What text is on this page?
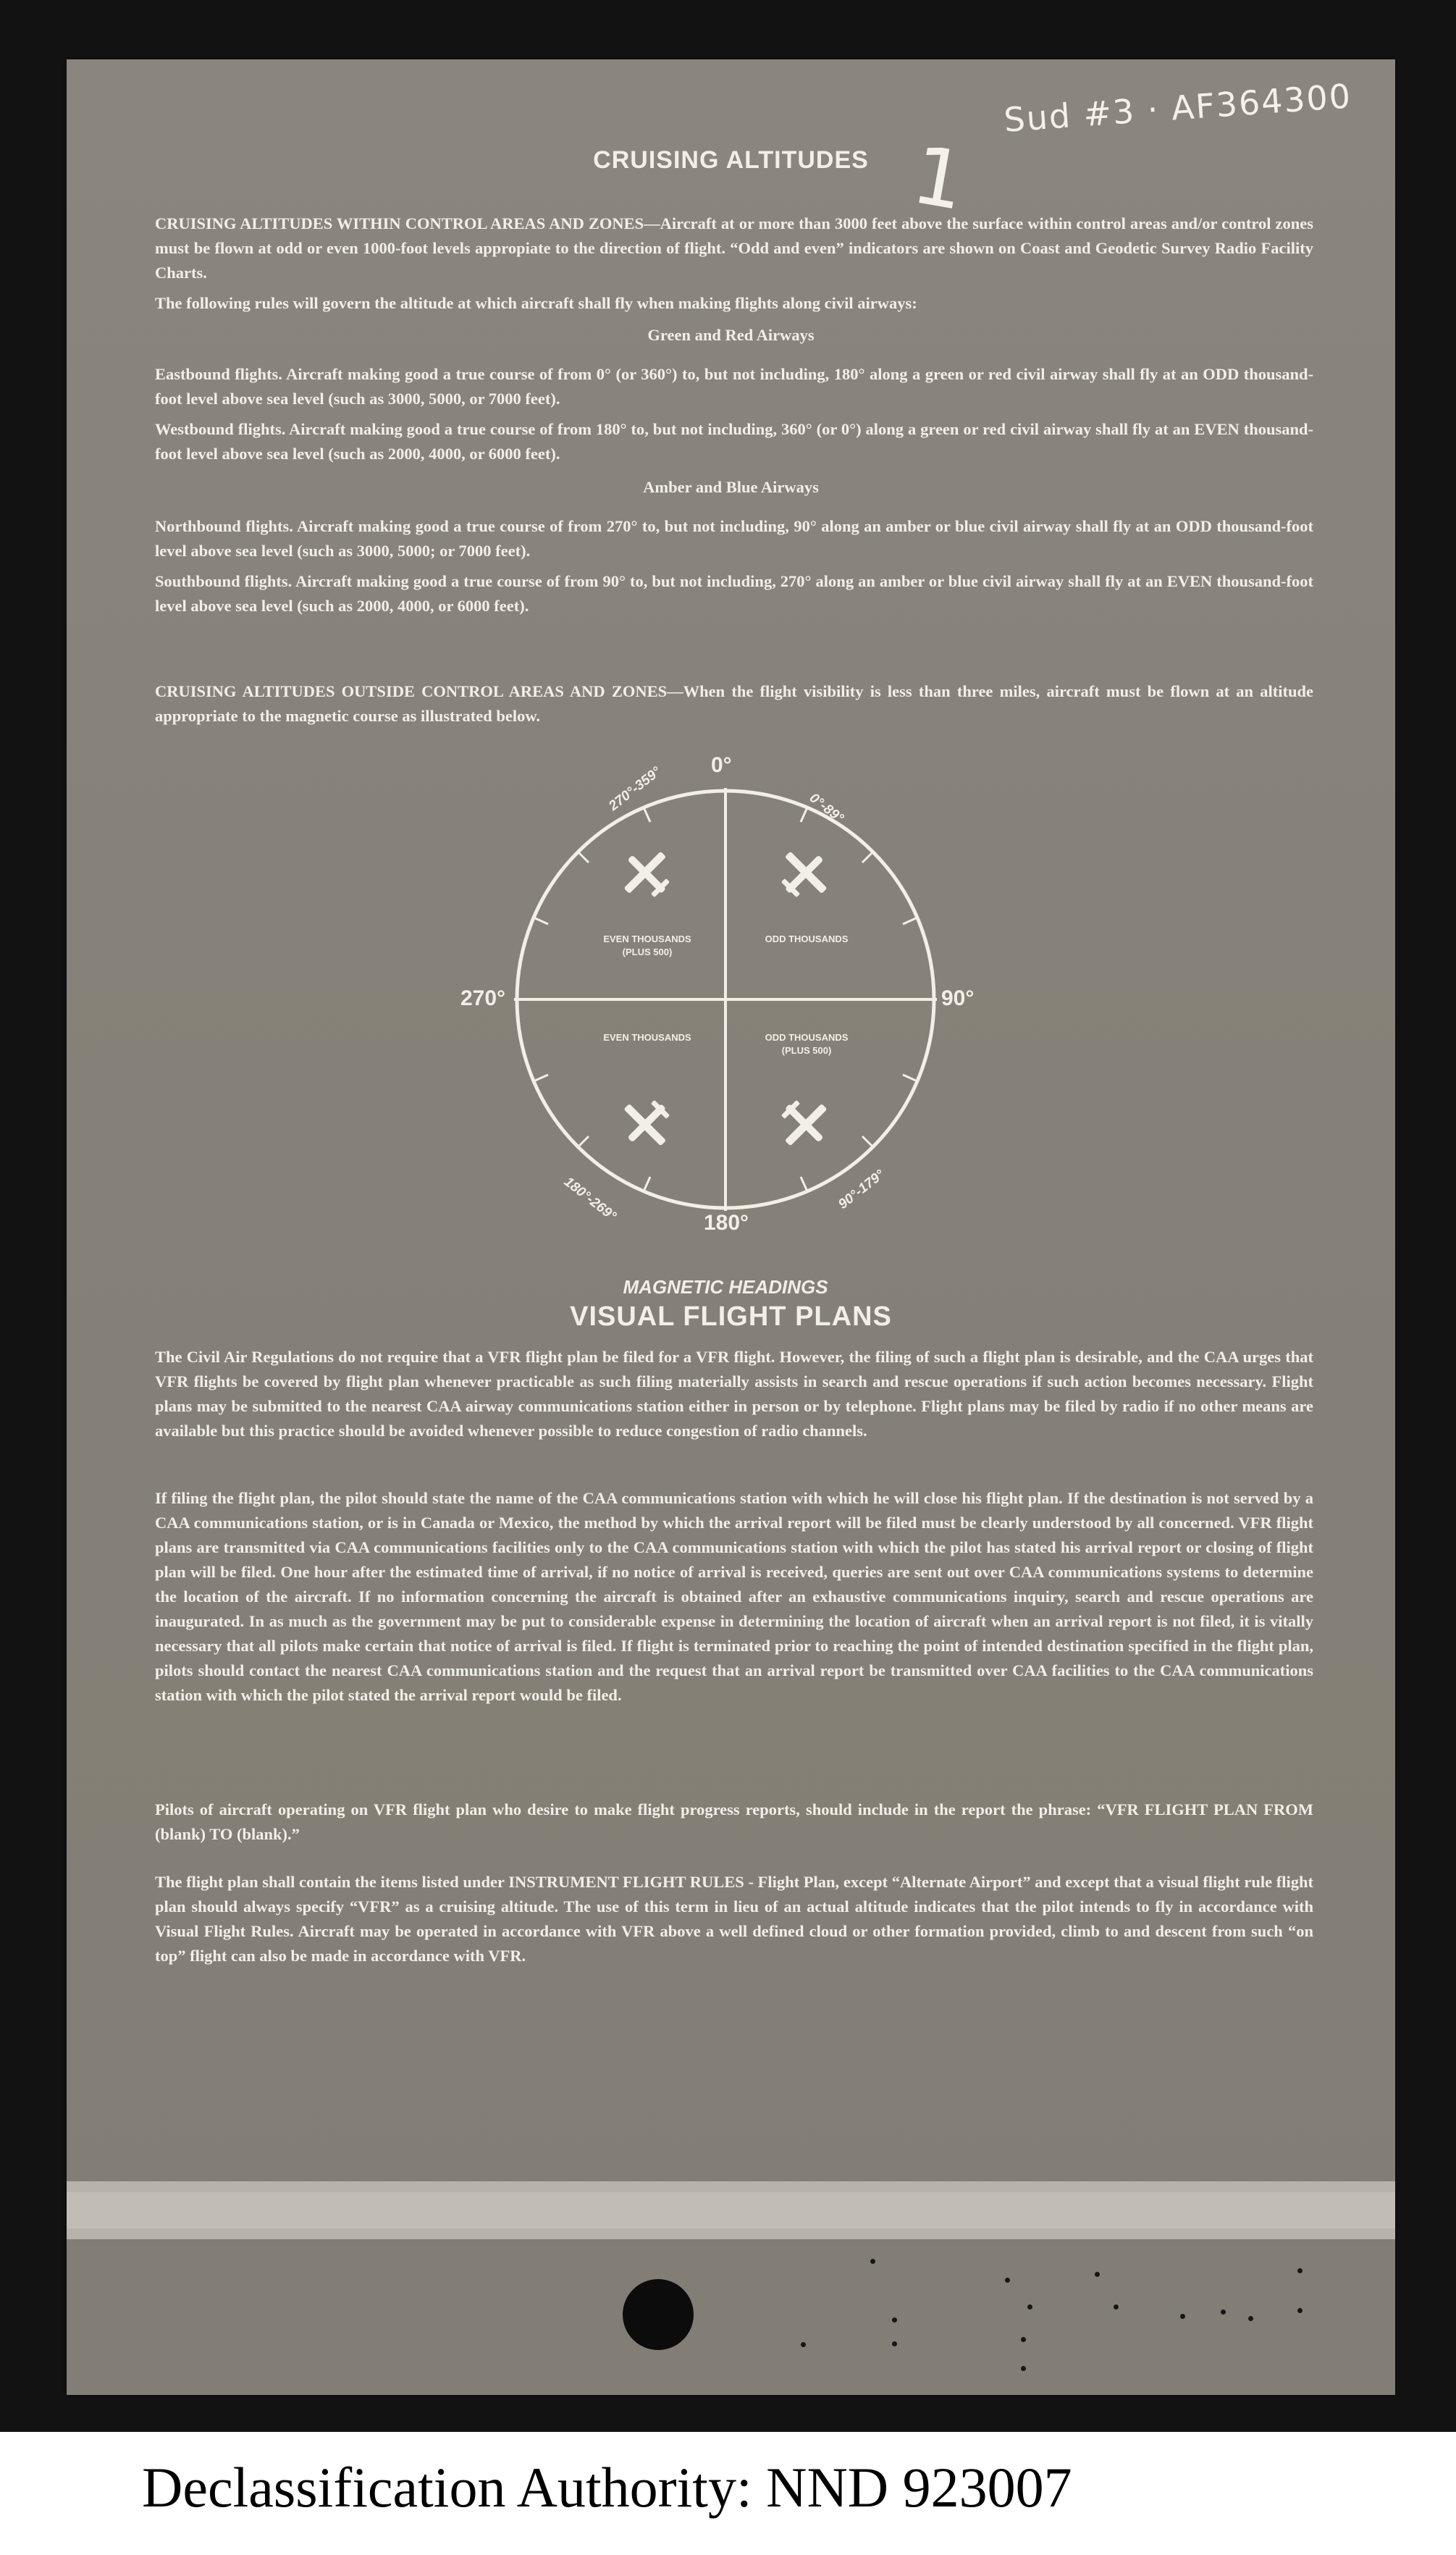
Sud #3 · AF364300
1
CRUISING ALTITUDES
CRUISING ALTITUDES WITHIN CONTROL AREAS AND ZONES—Aircraft at or more than 3000 feet above the surface within control areas and/or control zones must be flown at odd or even 1000-foot levels appropiate to the direction of flight. “Odd and even” indicators are shown on Coast and Geodetic Survey Radio Facility Charts.
The following rules will govern the altitude at which aircraft shall fly when making flights along civil airways:
Green and Red Airways
Eastbound flights. Aircraft making good a true course of from 0° (or 360°) to, but not including, 180° along a green or red civil airway shall fly at an ODD thousand-foot level above sea level (such as 3000, 5000, or 7000 feet).
Westbound flights. Aircraft making good a true course of from 180° to, but not including, 360° (or 0°) along a green or red civil airway shall fly at an EVEN thousand-foot level above sea level (such as 2000, 4000, or 6000 feet).
Amber and Blue Airways
Northbound flights. Aircraft making good a true course of from 270° to, but not including, 90° along an amber or blue civil airway shall fly at an ODD thousand-foot level above sea level (such as 3000, 5000; or 7000 feet).
Southbound flights. Aircraft making good a true course of from 90° to, but not including, 270° along an amber or blue civil airway shall fly at an EVEN thousand-foot level above sea level (such as 2000, 4000, or 6000 feet).
CRUISING ALTITUDES OUTSIDE CONTROL AREAS AND ZONES—When the flight visibility is less than three miles, aircraft must be flown at an altitude appropriate to the magnetic course as illustrated below.
270°-359°	0°-89°
180°-269°	90°-179°
0°
90°
180°
270°
EVEN THOUSANDS
(PLUS 500)
ODD THOUSANDS
EVEN THOUSANDS	ODD THOUSANDS
(PLUS 500)
MAGNETIC HEADINGS
VISUAL FLIGHT PLANS
The Civil Air Regulations do not require that a VFR flight plan be filed for a VFR flight. However, the filing of such a flight plan is desirable, and the CAA urges that VFR flights be covered by flight plan whenever practicable as such filing materially assists in search and rescue operations if such action becomes necessary. Flight plans may be submitted to the nearest CAA airway communications station either in person or by telephone. Flight plans may be filed by radio if no other means are available but this practice should be avoided whenever possible to reduce congestion of radio channels.
If filing the flight plan, the pilot should state the name of the CAA communications station with which he will close his flight plan. If the destination is not served by a CAA communications station, or is in Canada or Mexico, the method by which the arrival report will be filed must be clearly understood by all concerned. VFR flight plans are transmitted via CAA communications facilities only to the CAA communications station with which the pilot has stated his arrival report or closing of flight plan will be filed. One hour after the estimated time of arrival, if no notice of arrival is received, queries are sent out over CAA communications systems to determine the location of the aircraft. If no information concerning the aircraft is obtained after an exhaustive communications inquiry, search and rescue operations are inaugurated. In as much as the government may be put to considerable expense in determining the location of aircraft when an arrival report is not filed, it is vitally necessary that all pilots make certain that notice of arrival is filed. If flight is terminated prior to reaching the point of intended destination specified in the flight plan, pilots should contact the nearest CAA communications station and the request that an arrival report be transmitted over CAA facilities to the CAA communications station with which the pilot stated the arrival report would be filed.
Pilots of aircraft operating on VFR flight plan who desire to make flight progress reports, should include in the report the phrase: “VFR FLIGHT PLAN FROM (blank) TO (blank).”
The flight plan shall contain the items listed under INSTRUMENT FLIGHT RULES - Flight Plan, except “Alternate Airport” and except that a visual flight rule flight plan should always specify “VFR” as a cruising altitude. The use of this term in lieu of an actual altitude indicates that the pilot intends to fly in accordance with Visual Flight Rules. Aircraft may be operated in accordance with VFR above a well defined cloud or other formation provided, climb to and descent from such “on top” flight can also be made in accordance with VFR.
Declassification Authority: NND 923007
